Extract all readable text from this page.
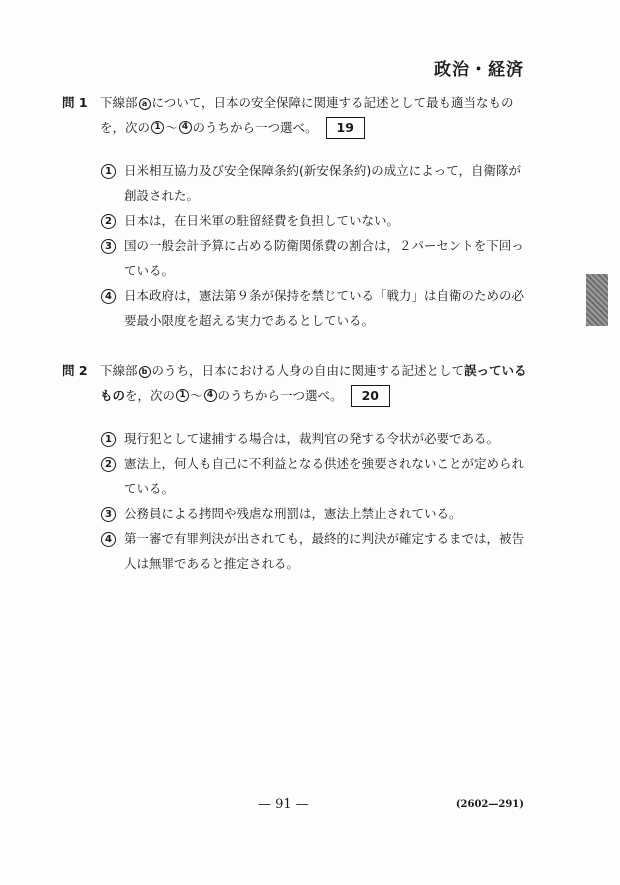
政治・経済
問 1 下線部 a について，日本の安全保障に関連する記述として最も適当なもの
を，次の 1 〜 4 のうちから一つ選べ。	19
1 日米相互協力及び安全保障条約(新安保条約)の成立によって，自衛隊が創設された。
2 日本は，在日米軍の駐留経費を負担していない。
3 国の一般会計予算に占める防衛関係費の割合は，２パーセントを下回っている。
4 日本政府は，憲法第９条が保持を禁じている「戦力」は自衛のための必要最小限度を超える実力であるとしている。
問 2 下線部 b のうち，日本における人身の自由に関連する記述として誤っている
もの を，次の 1 〜 4 のうちから一つ選べ。	20
1 現行犯として逮捕する場合は，裁判官の発する令状が必要である。
2 憲法上，何人も自己に不利益となる供述を強要されないことが定められている。
3 公務員による拷問や残虐な刑罰は，憲法上禁止されている。
4 第一審で有罪判決が出されても，最終的に判決が確定するまでは，被告人は無罪であると推定される。
— 91 —	(2602—291)
